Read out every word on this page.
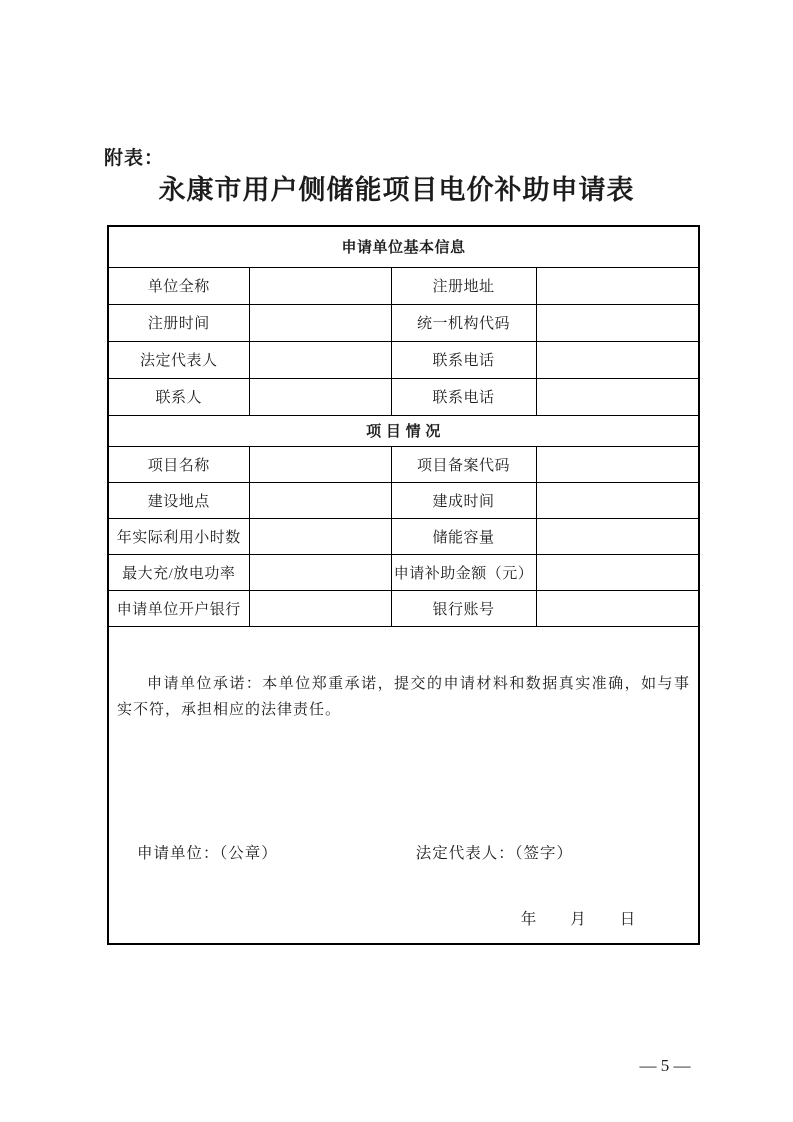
附表：
永康市用户侧储能项目电价补助申请表
申请单位基本信息			
单位全称		注册地址	
注册时间		统一机构代码	
法定代表人		联系电话	
联系人		联系电话	
项 目 情 况			
项目名称		项目备案代码	
建设地点		建成时间	
年实际利用小时数		储能容量	
最大充/放电功率		申请补助金额（元）	
申请单位开户银行		银行账号	

申请单位承诺：本单位郑重承诺，提交的申请材料和数据真实准确，如与事实不符，承担相应的法律责任。
申请单位：（公章） 法定代表人：（签字）
年　　月　　日			
— 5 —
